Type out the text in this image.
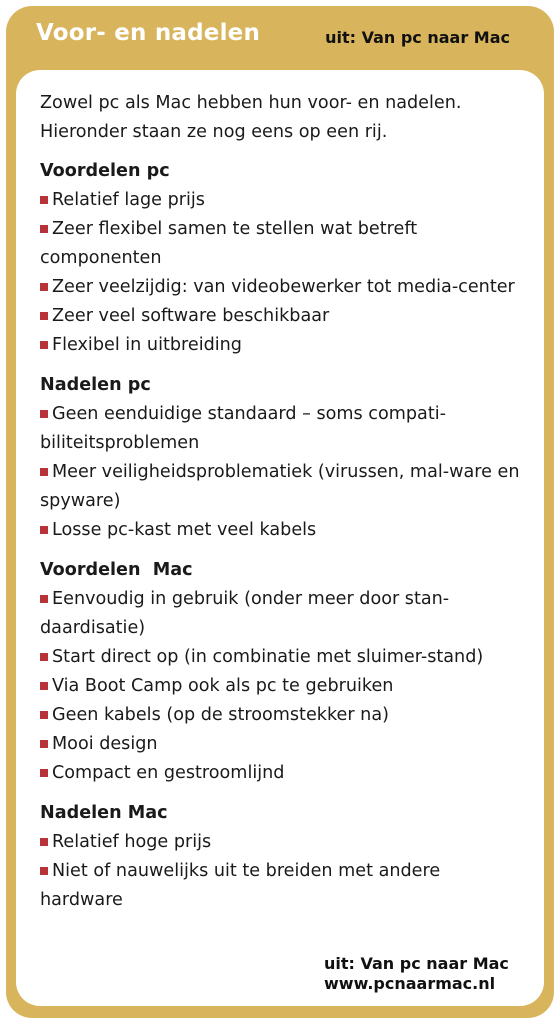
Voor- en nadelen	uit: Van pc naar Mac
Zowel pc als Mac hebben hun voor- en nadelen. Hieronder staan ze nog eens op een rij.
Voordelen pc
Relatief lage prijs
Zeer flexibel samen te stellen wat betreft componenten
Zeer veelzijdig: van videobewerker tot media-center
Zeer veel software beschikbaar
Flexibel in uitbreiding
Nadelen pc
Geen eenduidige standaard – soms compati-biliteitsproblemen
Meer veiligheidsproblematiek (virussen, mal-ware en spyware)
Losse pc-kast met veel kabels
Voordelen  Mac
Eenvoudig in gebruik (onder meer door stan-daardisatie)
Start direct op (in combinatie met sluimer-stand)
Via Boot Camp ook als pc te gebruiken
Geen kabels (op de stroomstekker na)
Mooi design
Compact en gestroomlijnd
Nadelen Mac
Relatief hoge prijs
Niet of nauwelijks uit te breiden met andere hardware
uit: Van pc naar Mac
www.pcnaarmac.nl
